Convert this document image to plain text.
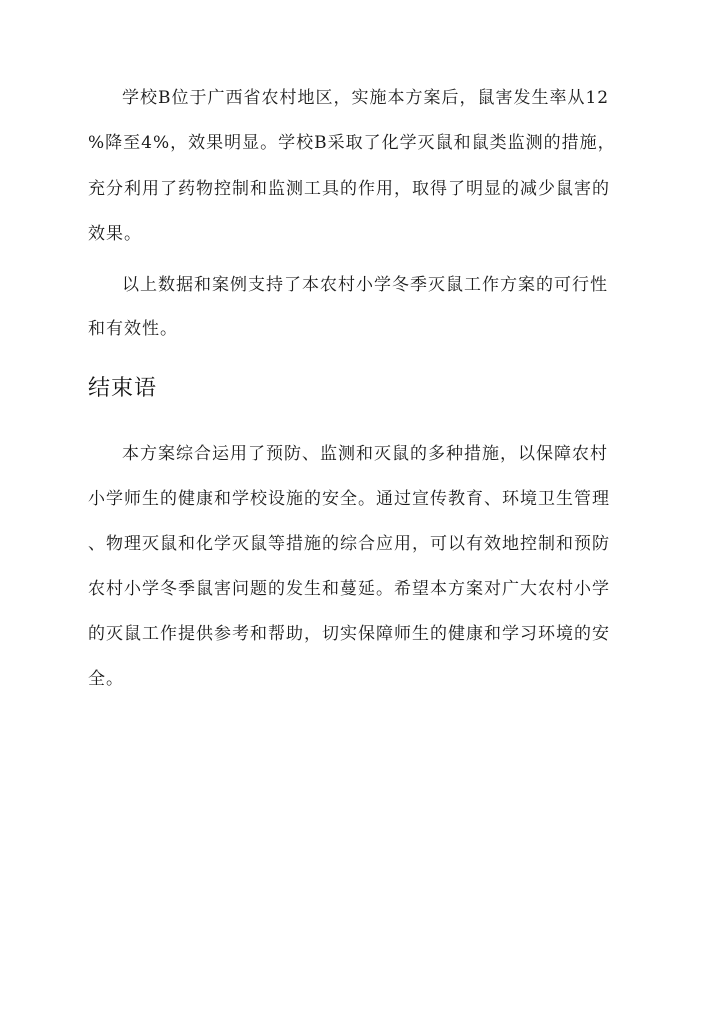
学校B位于广西省农村地区，实施本方案后，鼠害发生率从12
%降至4%，效果明显。学校B采取了化学灭鼠和鼠类监测的措施，
充分利用了药物控制和监测工具的作用，取得了明显的减少鼠害的
效果。
以上数据和案例支持了本农村小学冬季灭鼠工作方案的可行性
和有效性。
结束语
本方案综合运用了预防、监测和灭鼠的多种措施，以保障农村
小学师生的健康和学校设施的安全。通过宣传教育、环境卫生管理
、物理灭鼠和化学灭鼠等措施的综合应用，可以有效地控制和预防
农村小学冬季鼠害问题的发生和蔓延。希望本方案对广大农村小学
的灭鼠工作提供参考和帮助，切实保障师生的健康和学习环境的安
全。
